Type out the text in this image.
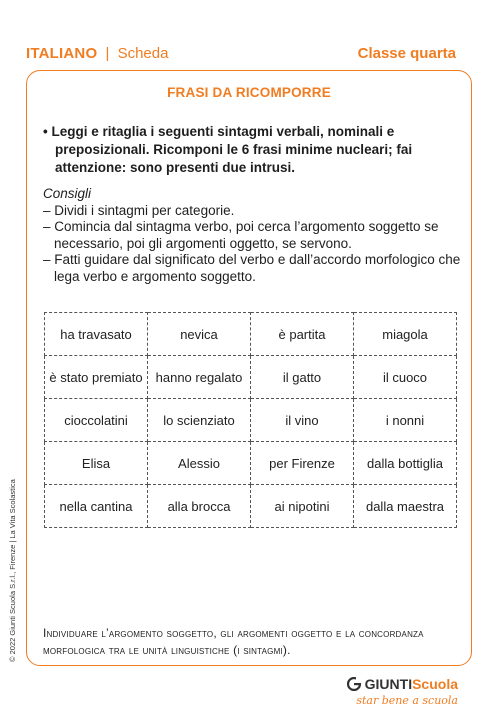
ITALIANO | Scheda	Classe quarta
FRASI DA RICOMPORRE
• Leggi e ritaglia i seguenti sintagmi verbali, nominali e preposizionali. Ricomponi le 6 frasi minime nucleari; fai attenzione: sono presenti due intrusi.
Consigli
– Dividi i sintagmi per categorie.
– Comincia dal sintagma verbo, poi cerca l’argomento soggetto se necessario, poi gli argomenti oggetto, se servono.
– Fatti guidare dal significato del verbo e dall’accordo morfologico che lega verbo e argomento soggetto.
ha travasato	nevica	è partita	miagola
è stato premiato	hanno regalato	il gatto	il cuoco
cioccolatini	lo scienziato	il vino	i nonni
Elisa	Alessio	per Firenze	dalla bottiglia
nella cantina	alla brocca	ai nipotini	dalla maestra
Individuare l’argomento soggetto, gli argomenti oggetto e la concordanza morfologica tra le unità linguistiche (i sintagmi).
© 2022 Giunti Scuola S.r.l., Firenze | La Vita Scolastica
GIUNTI Scuola
star bene a scuola
